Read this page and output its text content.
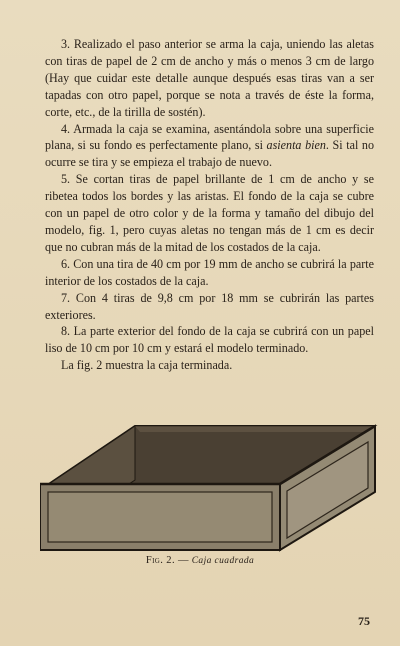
3. Realizado el paso anterior se arma la caja, uniendo las aletas con tiras de papel de 2 cm de ancho y más o menos 3 cm de largo (Hay que cuidar este detalle aunque después esas tiras van a ser tapadas con otro papel, porque se nota a través de éste la forma, corte, etc., de la tirilla de sostén).

4. Armada la caja se examina, asentándola sobre una superficie plana, si su fondo es perfectamente plano, si asienta bien. Si tal no ocurre se tira y se empieza el trabajo de nuevo.

5. Se cortan tiras de papel brillante de 1 cm de ancho y se ribetea todos los bordes y las aristas. El fondo de la caja se cubre con un papel de otro color y de la forma y tamaño del dibujo del modelo, fig. 1, pero cuyas aletas no tengan más de 1 cm es decir que no cubran más de la mitad de los costados de la caja.

6. Con una tira de 40 cm por 19 mm de ancho se cubrirá la parte interior de los costados de la caja.

7. Con 4 tiras de 9,8 cm por 18 mm se cubrirán las partes exteriores.

8. La parte exterior del fondo de la caja se cubrirá con un papel liso de 10 cm por 10 cm y estará el modelo terminado.

La fig. 2 muestra la caja terminada.

Fig. 2. — Caja cuadrada
75
